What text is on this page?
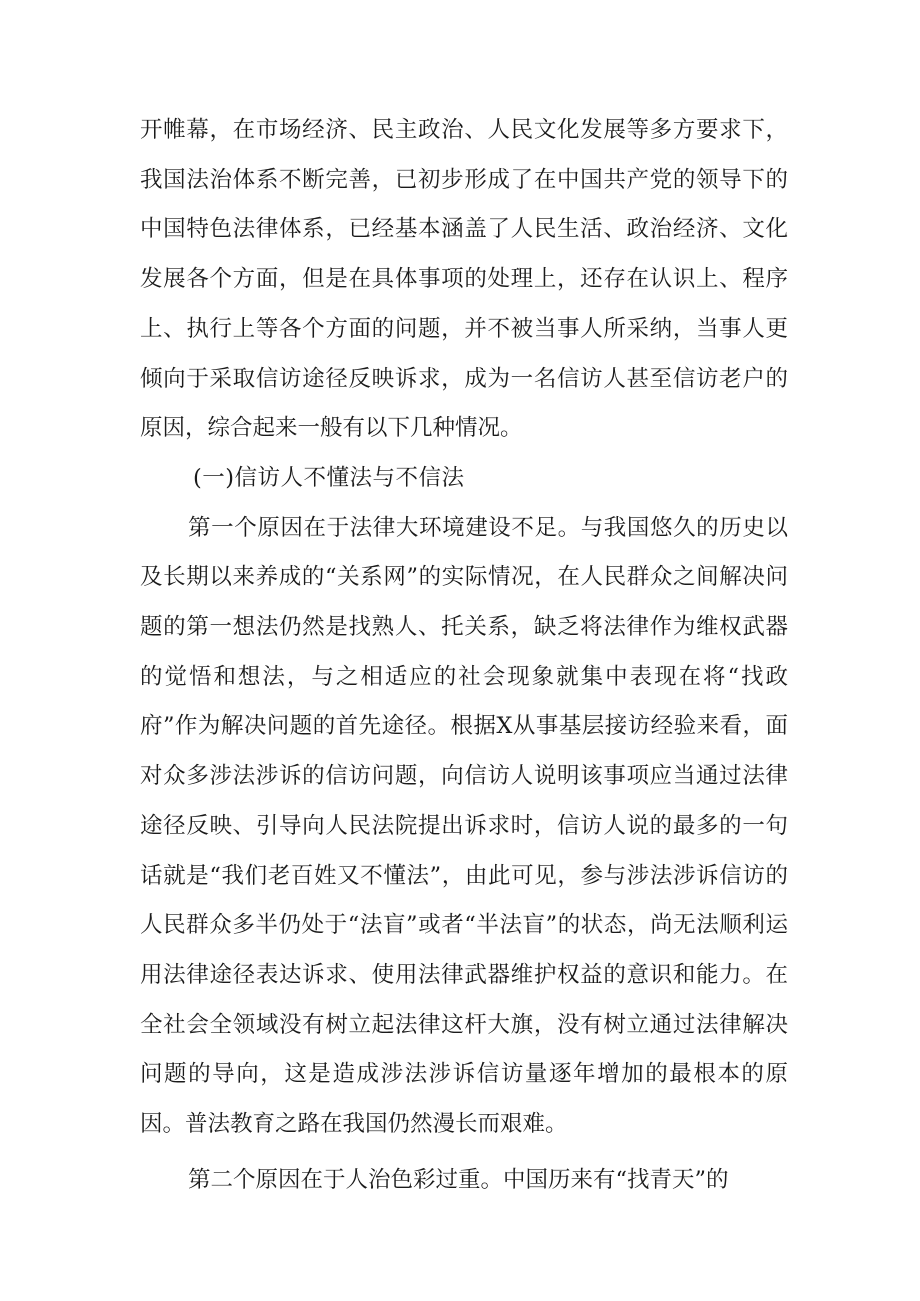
开帷幕，在市场经济、民主政治、人民文化发展等多方要求下，我国法治体系不断完善，已初步形成了在中国共产党的领导下的中国特色法律体系，已经基本涵盖了人民生活、政治经济、文化发展各个方面，但是在具体事项的处理上，还存在认识上、程序上、执行上等各个方面的问题，并不被当事人所采纳，当事人更倾向于采取信访途径反映诉求，成为一名信访人甚至信访老户的原因，综合起来一般有以下几种情况。

(一)信访人不懂法与不信法

第一个原因在于法律大环境建设不足。与我国悠久的历史以及长期以来养成的“关系网”的实际情况，在人民群众之间解决问题的第一想法仍然是找熟人、托关系，缺乏将法律作为维权武器的觉悟和想法，与之相适应的社会现象就集中表现在将“找政府”作为解决问题的首先途径。根据X从事基层接访经验来看，面对众多涉法涉诉的信访问题，向信访人说明该事项应当通过法律途径反映、引导向人民法院提出诉求时，信访人说的最多的一句话就是“我们老百姓又不懂法”，由此可见，参与涉法涉诉信访的人民群众多半仍处于“法盲”或者“半法盲”的状态，尚无法顺利运用法律途径表达诉求、使用法律武器维护权益的意识和能力。在全社会全领域没有树立起法律这杆大旗，没有树立通过法律解决问题的导向，这是造成涉法涉诉信访量逐年增加的最根本的原因。普法教育之路在我国仍然漫长而艰难。

第二个原因在于人治色彩过重。中国历来有“找青天”的
